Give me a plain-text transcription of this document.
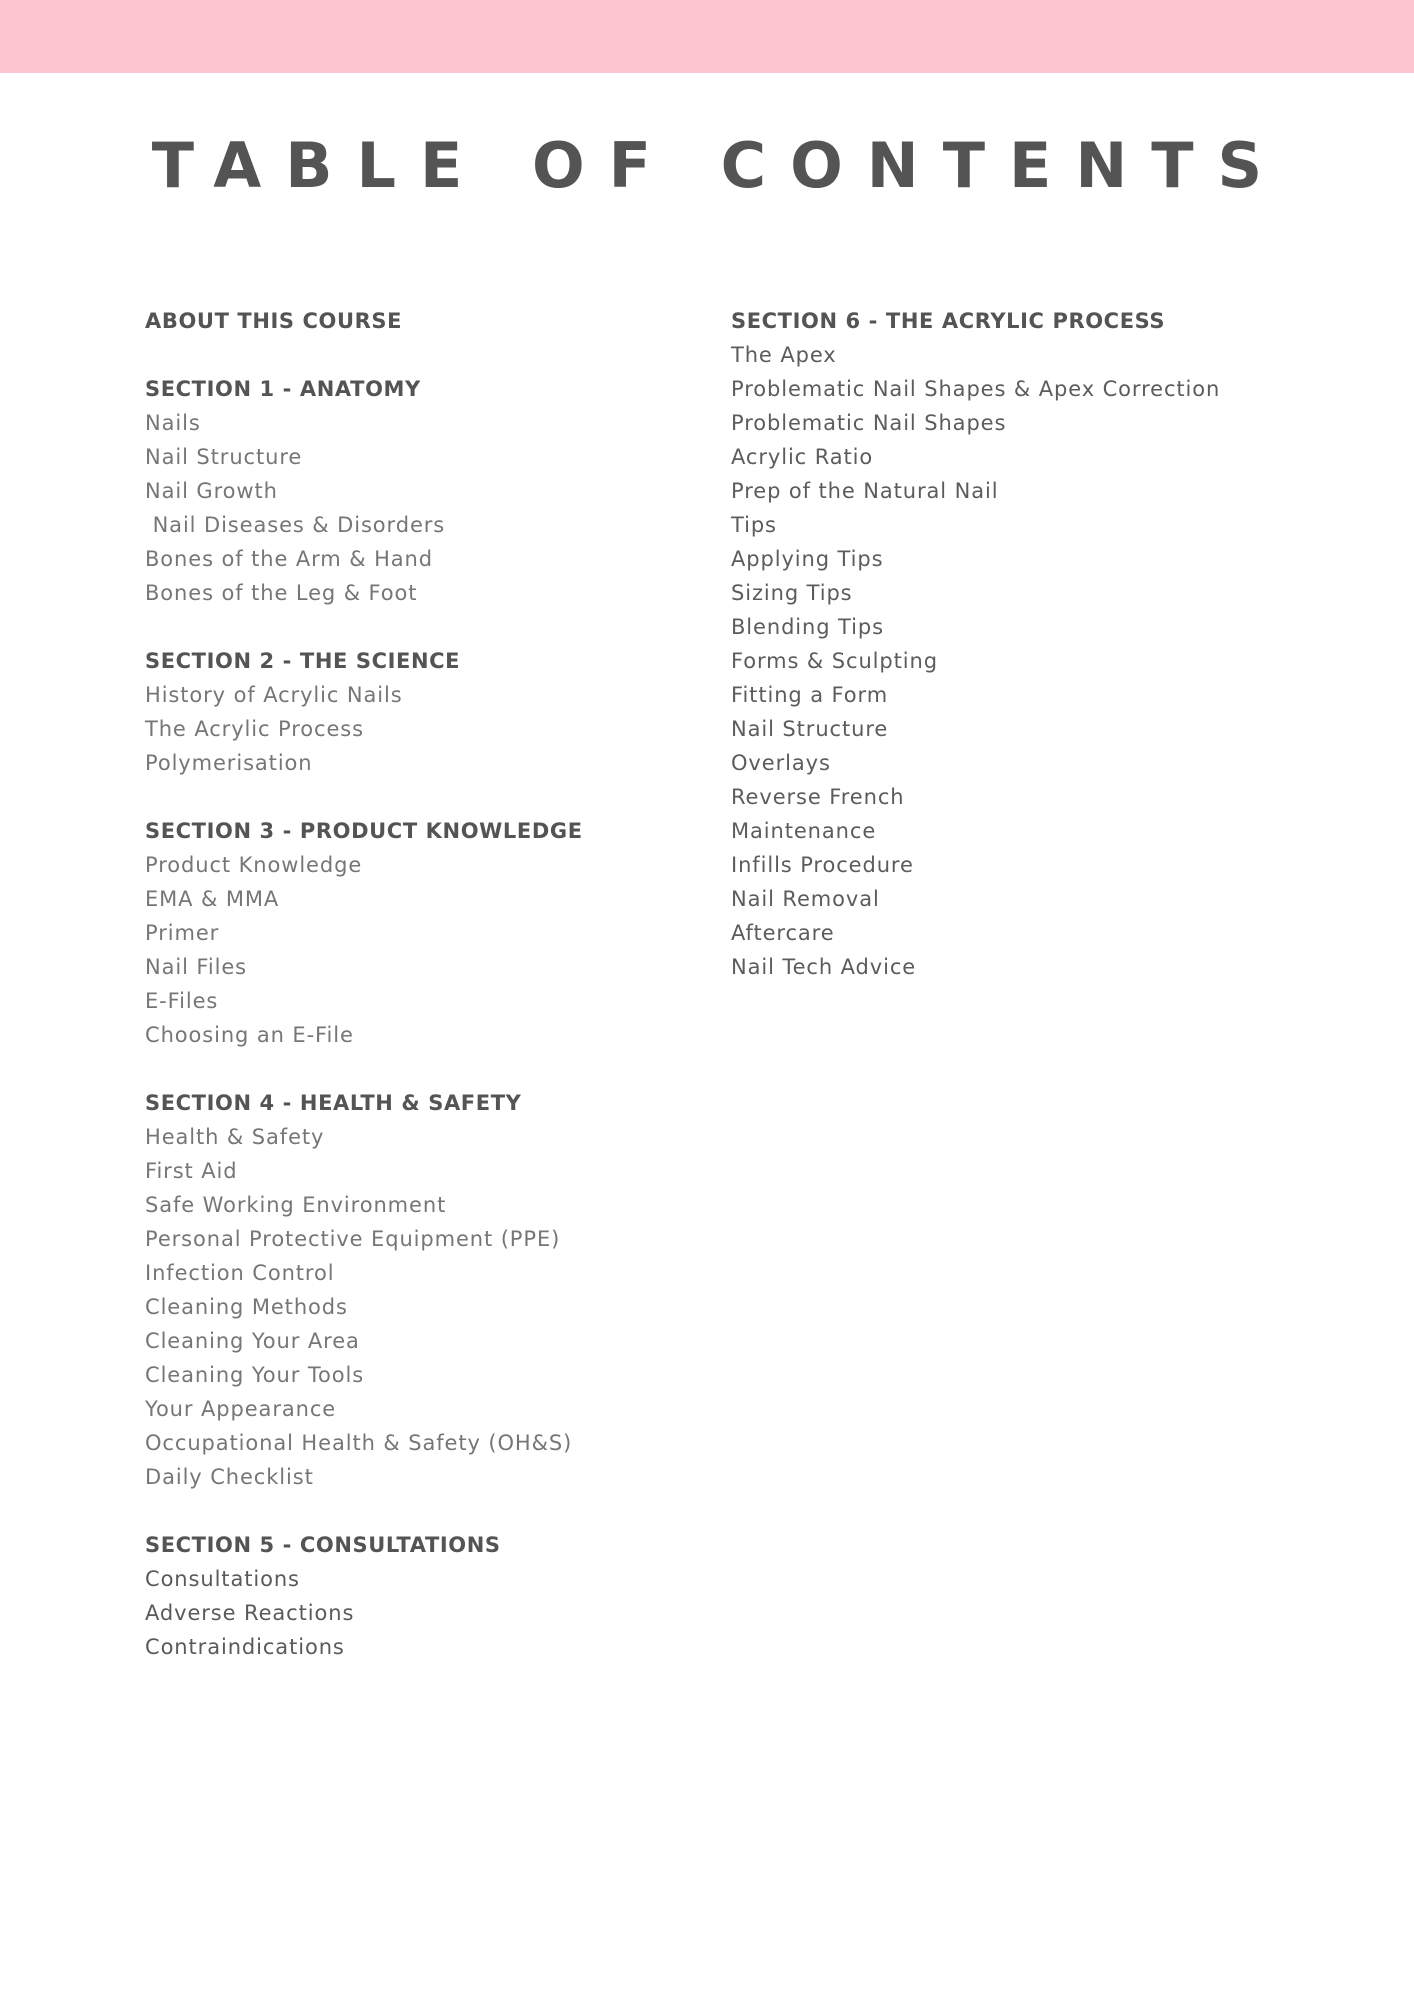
TABLE OF CONTENTS
ABOUT THIS COURSE
SECTION 1 - ANATOMY
Nails
Nail Structure
Nail Growth
Nail Diseases & Disorders
Bones of the Arm & Hand
Bones of the Leg & Foot
SECTION 2 - THE SCIENCE
History of Acrylic Nails
The Acrylic Process
Polymerisation
SECTION 3 - PRODUCT KNOWLEDGE
Product Knowledge
EMA & MMA
Primer
Nail Files
E-Files
Choosing an E-File
SECTION 4 - HEALTH & SAFETY
Health & Safety
First Aid
Safe Working Environment
Personal Protective Equipment (PPE)
Infection Control
Cleaning Methods
Cleaning Your Area
Cleaning Your Tools
Your Appearance
Occupational Health & Safety (OH&S)
Daily Checklist
SECTION 5 - CONSULTATIONS
Consultations
Adverse Reactions
Contraindications
SECTION 6 - THE ACRYLIC PROCESS
The Apex
Problematic Nail Shapes & Apex Correction
Problematic Nail Shapes
Acrylic Ratio
Prep of the Natural Nail
Tips
Applying Tips
Sizing Tips
Blending Tips
Forms & Sculpting
Fitting a Form
Nail Structure
Overlays
Reverse French
Maintenance
Infills Procedure
Nail Removal
Aftercare
Nail Tech Advice
